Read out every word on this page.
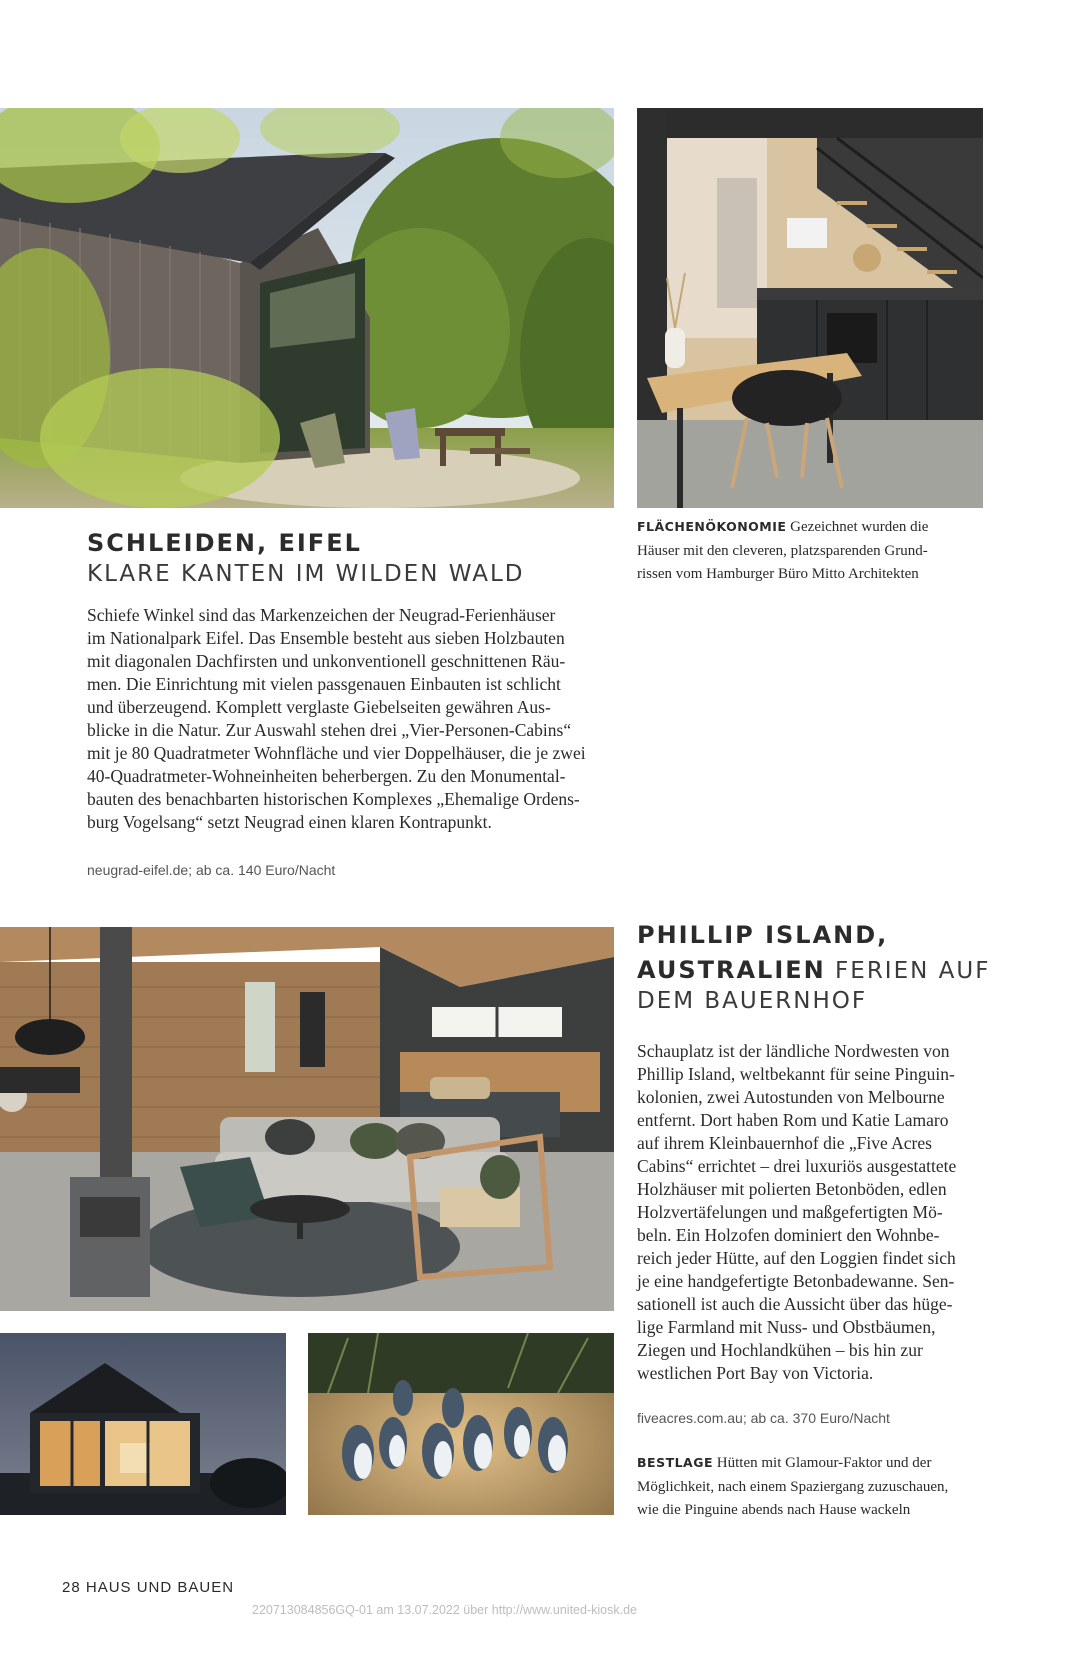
SCHLEIDEN, EIFEL
KLARE KANTEN IM WILDEN WALD

Schiefe Winkel sind das Markenzeichen der Neugrad-Ferienhäuser
im Nationalpark Eifel. Das Ensemble besteht aus sieben Holzbauten
mit diagonalen Dachfirsten und unkonventionell geschnittenen Räu-
men. Die Einrichtung mit vielen passgenauen Einbauten ist schlicht
und überzeugend. Komplett verglaste Giebelseiten gewähren Aus-
blicke in die Natur. Zur Auswahl stehen drei „Vier-Personen-Cabins“
mit je 80 Quadratmeter Wohnfläche und vier Doppelhäuser, die je zwei
40-Quadratmeter-Wohneinheiten beherbergen. Zu den Monumental-
bauten des benachbarten historischen Komplexes „Ehemalige Ordens-
burg Vogelsang“ setzt Neugrad einen klaren Kontrapunkt.

neugrad-eifel.de; ab ca. 140 Euro/Nacht

FLÄCHENÖKONOMIE Gezeichnet wurden die
Häuser mit den cleveren, platzsparenden Grund-
rissen vom Hamburger Büro Mitto Architekten

PHILLIP ISLAND,
AUSTRALIEN FERIEN AUF
DEM BAUERNHOF

Schauplatz ist der ländliche Nordwesten von
Phillip Island, weltbekannt für seine Pinguin-
kolonien, zwei Autostunden von Melbourne
entfernt. Dort haben Rom und Katie Lamaro
auf ihrem Kleinbauernhof die „Five Acres
Cabins“ errichtet – drei luxuriös ausgestattete
Holzhäuser mit polierten Betonböden, edlen
Holzvertäfelungen und maßgefertigten Mö-
beln. Ein Holzofen dominiert den Wohnbe-
reich jeder Hütte, auf den Loggien findet sich
je eine handgefertigte Betonbadewanne. Sen-
sationell ist auch die Aussicht über das hüge-
lige Farmland mit Nuss- und Obstbäumen,
Ziegen und Hochlandkühen – bis hin zur
westlichen Port Bay von Victoria.

fiveacres.com.au; ab ca. 370 Euro/Nacht

BESTLAGE Hütten mit Glamour-Faktor und der
Möglichkeit, nach einem Spaziergang zuzuschauen,
wie die Pinguine abends nach Hause wackeln

28 HAUS UND BAUEN
220713084856GQ-01 am 13.07.2022 über http://www.united-kiosk.de
